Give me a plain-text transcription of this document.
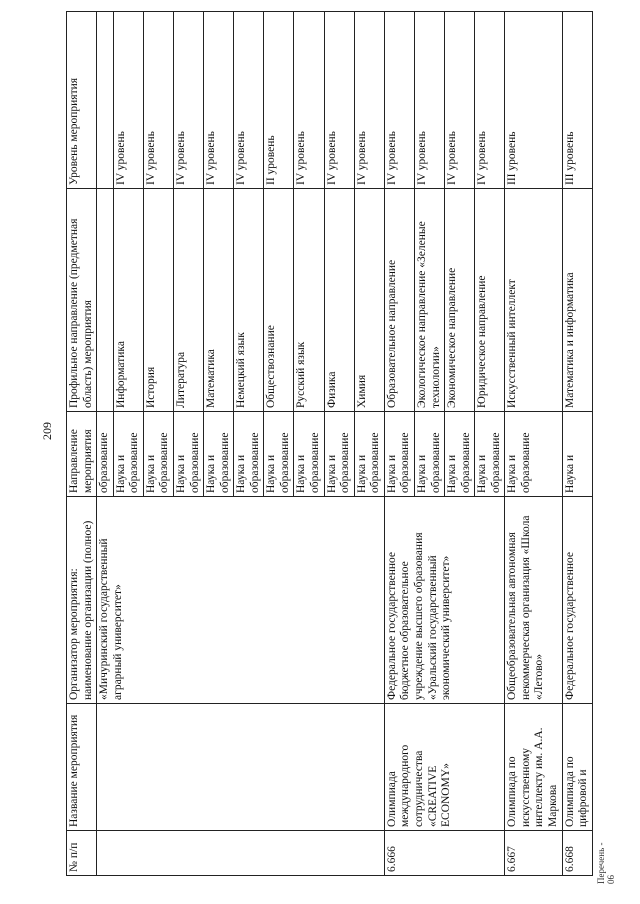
209
Перечень - 06
№ п/п	Название мероприятия	Организатор мероприятия: наименование организации (полное)	Направление мероприятия	Профильное направление (предметная область) мероприятия	Уровень мероприятия
		«Мичуринский государственный аграрный университет»	образование		
			Наука и образование	Информатика	IV уровень
			Наука и образование	История	IV уровень
			Наука и образование	Литература	IV уровень
			Наука и образование	Математика	IV уровень
			Наука и образование	Немецкий язык	IV уровень
			Наука и образование	Обществознание	II уровень
			Наука и образование	Русский язык	IV уровень
			Наука и образование	Физика	IV уровень
			Наука и образование	Химия	IV уровень
6.666	Олимпиада международного сотрудничества «CREATIVE ECONOMY»	Федеральное государственное бюджетное образовательное учреждение высшего образования «Уральский государственный экономический университет»	Наука и образование	Образовательное направление	IV уровень
			Наука и образование	Экологическое направление «Зеленые технологии»	IV уровень
			Наука и образование	Экономическое направление	IV уровень
			Наука и образование	Юридическое направление	IV уровень
6.667	Олимпиада по искусственному интеллекту им. А.А. Маркова	Общеобразовательная автономная некоммерческая организация «Школа «Летово»	Наука и образование	Искусственный интеллект	III уровень
6.668	Олимпиада по цифровой и	Федеральное государственное	Наука и	Математика и информатика	III уровень
